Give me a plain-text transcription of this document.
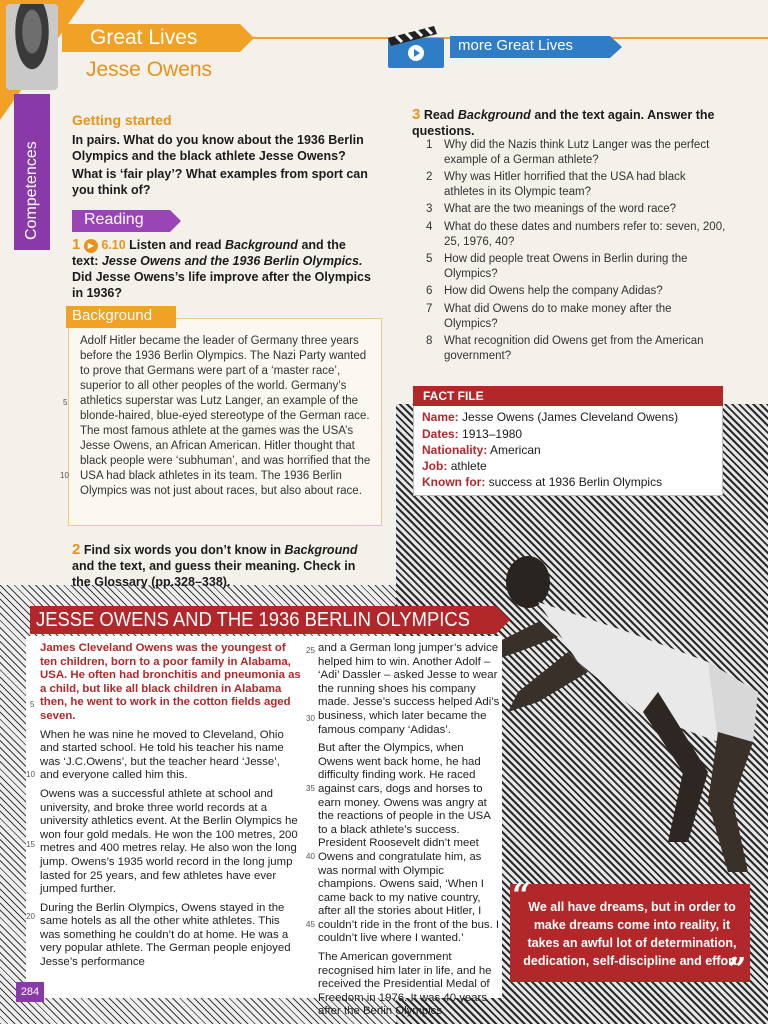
Great Lives
Jesse Owens
more Great Lives
Competences
Getting started
In pairs. What do you know about the 1936 Berlin Olympics and the black athlete Jesse Owens?
What is ‘fair play’? What examples from sport can you think of?
Reading
1 ▶ 6.10 Listen and read Background and the text: Jesse Owens and the 1936 Berlin Olympics. Did Jesse Owens’s life improve after the Olympics in 1936?
Background
Adolf Hitler became the leader of Germany three years before the 1936 Berlin Olympics. The Nazi Party wanted to prove that Germans were part of a ‘master race’, superior to all other peoples of the world. Germany’s athletics superstar was Lutz Langer, an example of the blonde-haired, blue-eyed stereotype of the German race. The most famous athlete at the games was the USA’s Jesse Owens, an African American. Hitler thought that black people were ‘subhuman’, and was horrified that the USA had black athletes in its team. The 1936 Berlin Olympics was not just about races, but also about race.
5
10
2 Find six words you don’t know in Background and the text, and guess their meaning. Check in the Glossary (pp.328–338).
3 Read Background and the text again. Answer the questions.
1	Why did the Nazis think Lutz Langer was the perfect example of a German athlete?
2	Why was Hitler horrified that the USA had black athletes in its Olympic team?
3	What are the two meanings of the word race?
4	What do these dates and numbers refer to: seven, 200, 25, 1976, 40?
5	How did people treat Owens in Berlin during the Olympics?
6	How did Owens help the company Adidas?
7	What did Owens do to make money after the Olympics?
8	What recognition did Owens get from the American government?
FACT FILE
Name: Jesse Owens (James Cleveland Owens)
Dates: 1913–1980
Nationality: American
Job: athlete
Known for: success at 1936 Berlin Olympics
JESSE OWENS AND THE 1936 BERLIN OLYMPICS

James Cleveland Owens was the youngest of ten children, born to a poor family in Alabama, USA. He often had bronchitis and pneumonia as a child, but like all black children in Alabama then, he went to work in the cotton fields aged seven.

When he was nine he moved to Cleveland, Ohio and started school. He told his teacher his name was ‘J.C.Owens’, but the teacher heard ‘Jesse’, and everyone called him this.

Owens was a successful athlete at school and university, and broke three world records at a university athletics event. At the Berlin Olympics he won four gold medals. He won the 100 metres, 200 metres and 400 metres relay. He also won the long jump. Owens’s 1935 world record in the long jump lasted for 25 years, and few athletes have ever jumped further.

During the Berlin Olympics, Owens stayed in the same hotels as all the other white athletes. This was something he couldn’t do at home. He was a very popular athlete. The German people enjoyed Jesse’s performance

and a German long jumper’s advice helped him to win. Another Adolf – ‘Adi’ Dassler – asked Jesse to wear the running shoes his company made. Jesse’s success helped Adi’s business, which later became the famous company ‘Adidas’.

But after the Olympics, when Owens went back home, he had difficulty finding work. He raced against cars, dogs and horses to earn money. Owens was angry at the reactions of people in the USA to a black athlete’s success. President Roosevelt didn’t meet Owens and congratulate him, as was normal with Olympic champions. Owens said, ‘When I came back to my native country, after all the stories about Hitler, I couldn’t ride in the front of the bus. I couldn’t live where I wanted.’

The American government recognised him later in life, and he received the Presidential Medal of Freedom in 1976. It was 40 years after the Berlin Olympics.

5
10
15
20
25
30
35
40
45
“
We all have dreams, but in order to make dreams come into reality, it takes an awful lot of determination, dedication, self-discipline and effort.
”
284
